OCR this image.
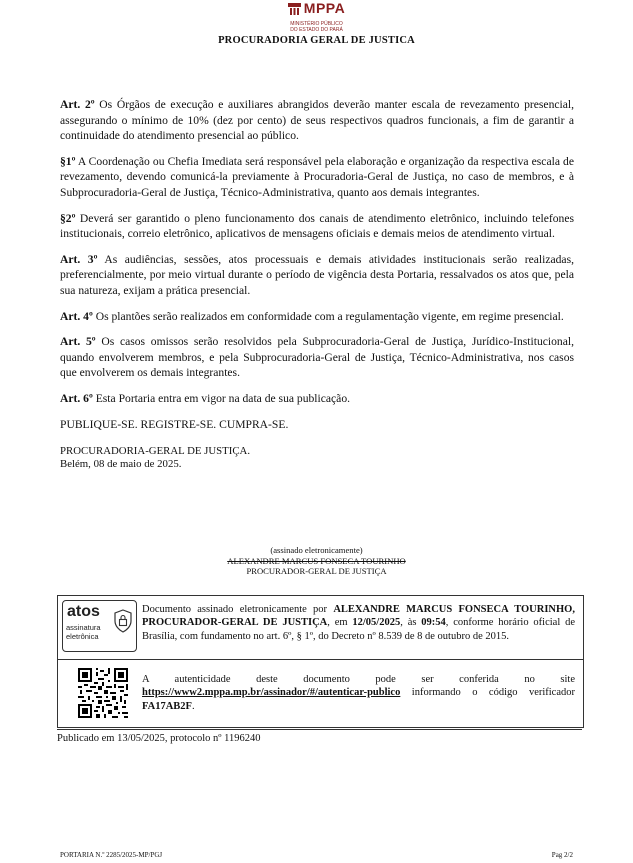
MPPA
MINISTÉRIO PÚBLICO
DO ESTADO DO PARÁ
PROCURADORIA GERAL DE JUSTICA

Art. 2º Os Órgãos de execução e auxiliares abrangidos deverão manter escala de revezamento presencial, assegurando o mínimo de 10% (dez por cento) de seus respectivos quadros funcionais, a fim de garantir a continuidade do atendimento presencial ao público.

§1º A Coordenação ou Chefia Imediata será responsável pela elaboração e organização da respectiva escala de revezamento, devendo comunicá-la previamente à Procuradoria-Geral de Justiça, no caso de membros, e à Subprocuradoria-Geral de Justiça, Técnico-Administrativa, quanto aos demais integrantes.

§2º Deverá ser garantido o pleno funcionamento dos canais de atendimento eletrônico, incluindo telefones institucionais, correio eletrônico, aplicativos de mensagens oficiais e demais meios de atendimento virtual.

Art. 3º As audiências, sessões, atos processuais e demais atividades institucionais serão realizadas, preferencialmente, por meio virtual durante o período de vigência desta Portaria, ressalvados os atos que, pela sua natureza, exijam a prática presencial.

Art. 4º Os plantões serão realizados em conformidade com a regulamentação vigente, em regime presencial.

Art. 5º Os casos omissos serão resolvidos pela Subprocuradoria-Geral de Justiça, Jurídico-Institucional, quando envolverem membros, e pela Subprocuradoria-Geral de Justiça, Técnico-Administrativa, nos casos que envolverem os demais integrantes.

Art. 6º Esta Portaria entra em vigor na data de sua publicação.

PUBLIQUE-SE. REGISTRE-SE. CUMPRA-SE.

PROCURADORIA-GERAL DE JUSTIÇA.

Belém, 08 de maio de 2025.

(assinado eletronicamente)
ALEXANDRE MARCUS FONSECA TOURINHO
PROCURADOR-GERAL DE JUSTIÇA
atos
assinatura
eletrônica
Documento assinado eletronicamente por ALEXANDRE MARCUS FONSECA TOURINHO, PROCURADOR-GERAL DE JUSTIÇA, em 12/05/2025, às 09:54, conforme horário oficial de Brasília, com fundamento no art. 6º, § 1º, do Decreto nº 8.539 de 8 de outubro de 2015.
A autenticidade deste documento pode ser conferida no site https://www2.mppa.mp.br/assinador/#/autenticar-publico informando o código verificador FA17AB2F.
Publicado em 13/05/2025, protocolo nº 1196240
PORTARIA N.º 2285/2025-MP/PGJ	Pag 2/2
